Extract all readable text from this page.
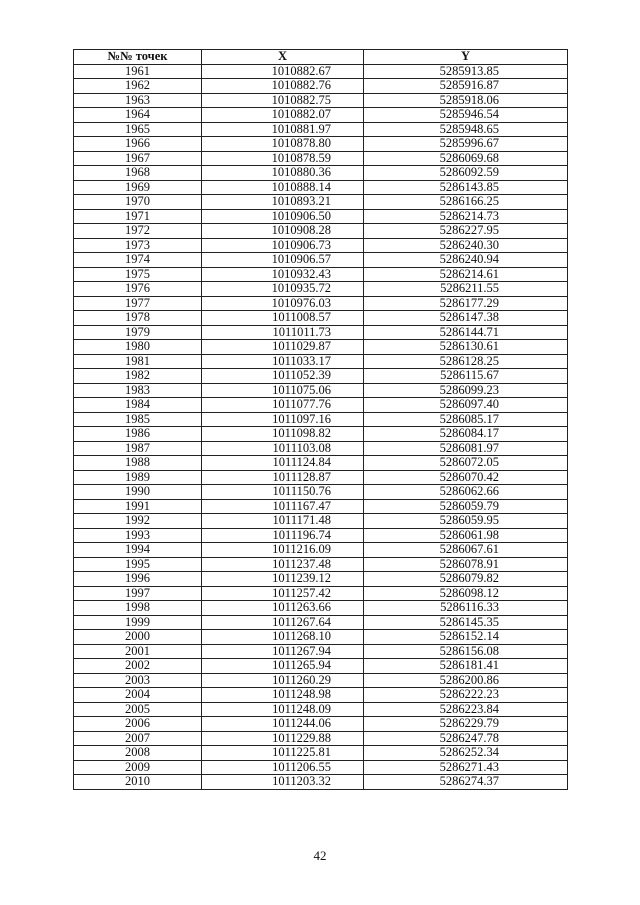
№№ точек	X	Y
1961	1010882.67	5285913.85
1962	1010882.76	5285916.87
1963	1010882.75	5285918.06
1964	1010882.07	5285946.54
1965	1010881.97	5285948.65
1966	1010878.80	5285996.67
1967	1010878.59	5286069.68
1968	1010880.36	5286092.59
1969	1010888.14	5286143.85
1970	1010893.21	5286166.25
1971	1010906.50	5286214.73
1972	1010908.28	5286227.95
1973	1010906.73	5286240.30
1974	1010906.57	5286240.94
1975	1010932.43	5286214.61
1976	1010935.72	5286211.55
1977	1010976.03	5286177.29
1978	1011008.57	5286147.38
1979	1011011.73	5286144.71
1980	1011029.87	5286130.61
1981	1011033.17	5286128.25
1982	1011052.39	5286115.67
1983	1011075.06	5286099.23
1984	1011077.76	5286097.40
1985	1011097.16	5286085.17
1986	1011098.82	5286084.17
1987	1011103.08	5286081.97
1988	1011124.84	5286072.05
1989	1011128.87	5286070.42
1990	1011150.76	5286062.66
1991	1011167.47	5286059.79
1992	1011171.48	5286059.95
1993	1011196.74	5286061.98
1994	1011216.09	5286067.61
1995	1011237.48	5286078.91
1996	1011239.12	5286079.82
1997	1011257.42	5286098.12
1998	1011263.66	5286116.33
1999	1011267.64	5286145.35
2000	1011268.10	5286152.14
2001	1011267.94	5286156.08
2002	1011265.94	5286181.41
2003	1011260.29	5286200.86
2004	1011248.98	5286222.23
2005	1011248.09	5286223.84
2006	1011244.06	5286229.79
2007	1011229.88	5286247.78
2008	1011225.81	5286252.34
2009	1011206.55	5286271.43
2010	1011203.32	5286274.37
42
